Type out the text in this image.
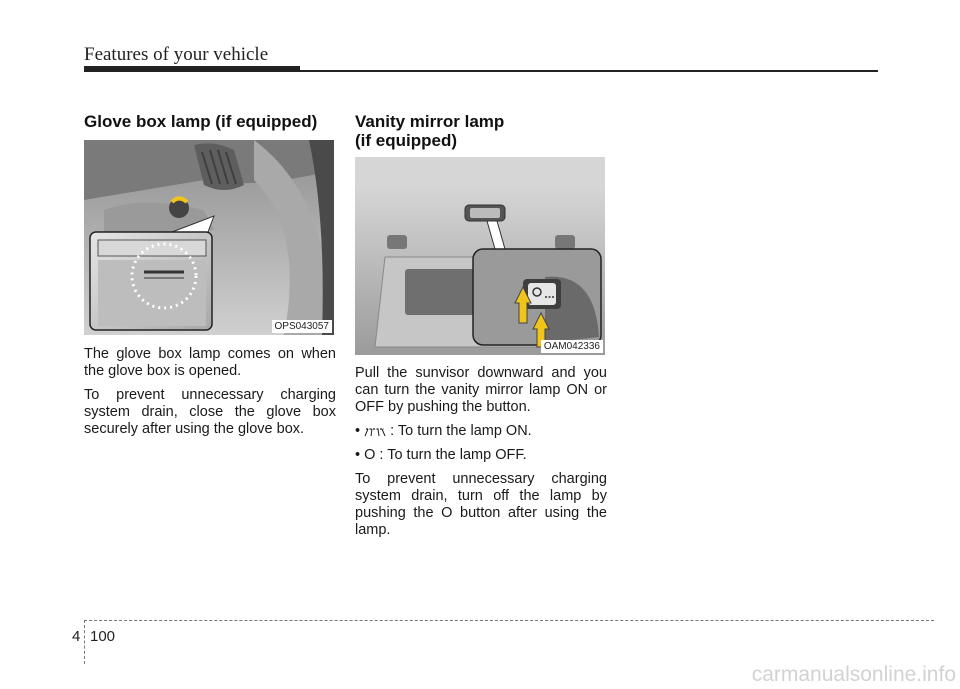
Features of your vehicle
Glove box lamp (if equipped)
OPS043057

The glove box lamp comes on when the glove box is opened.

To prevent unnecessary charging system drain, close the glove box securely after using the glove box.

Vanity mirror lamp
(if equipped)
OAM042336

Pull the sunvisor downward and you can turn the vanity mirror lamp ON or OFF by pushing the button.

•  : To turn the lamp ON.

• O : To turn the lamp OFF.

To prevent unnecessary charging system drain, turn off the lamp by pushing the O button after using the lamp.

4 100
carmanualsonline.info
